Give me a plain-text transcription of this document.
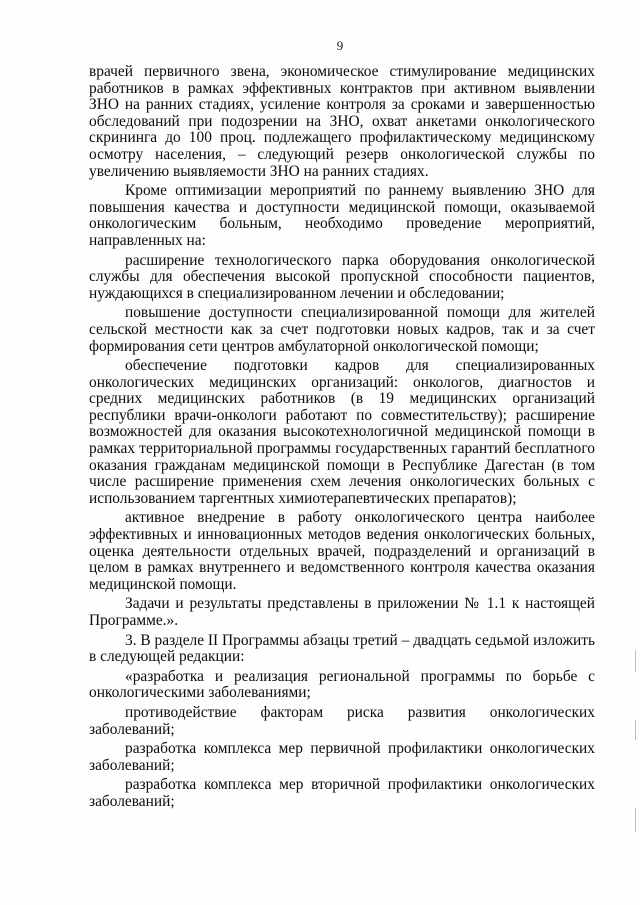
9

врачей первичного звена, экономическое стимулирование медицинских работников в рамках эффективных контрактов при активном выявлении ЗНО на ранних стадиях, усиление контроля за сроками и завершенностью обследований при подозрении на ЗНО, охват анкетами онкологического скрининга до 100 проц. подлежащего профилактическому медицинскому осмотру населения, – следующий резерв онкологической службы по увеличению выявляемости ЗНО на ранних стадиях.

Кроме оптимизации мероприятий по раннему выявлению ЗНО для повышения качества и доступности медицинской помощи, оказываемой онкологическим больным, необходимо проведение мероприятий, направленных на:

расширение технологического парка оборудования онкологической службы для обеспечения высокой пропускной способности пациентов, нуждающихся в специализированном лечении и обследовании;

повышение доступности специализированной помощи для жителей сельской местности как за счет подготовки новых кадров, так и за счет формирования сети центров амбулаторной онкологической помощи;

обеспечение подготовки кадров для специализированных онкологических медицинских организаций: онкологов, диагностов и средних медицинских работников (в 19 медицинских организаций республики врачи-онкологи работают по совместительству); расширение возможностей для оказания высокотехнологичной медицинской помощи в рамках территориальной программы государственных гарантий бесплатного оказания гражданам медицинской помощи в Республике Дагестан (в том числе расширение применения схем лечения онкологических больных с использованием таргентных химиотерапевтических препаратов);

активное внедрение в работу онкологического центра наиболее эффективных и инновационных методов ведения онкологических больных, оценка деятельности отдельных врачей, подразделений и организаций в целом в рамках внутреннего и ведомственного контроля качества оказания медицинской помощи.

Задачи и результаты представлены в приложении № 1.1 к настоящей Программе.».

3. В разделе II Программы абзацы третий – двадцать седьмой изложить в следующей редакции:

«разработка и реализация региональной программы по борьбе с онкологическими заболеваниями;

противодействие факторам риска развития онкологических заболеваний;

разработка комплекса мер первичной профилактики онкологических заболеваний;

разработка комплекса мер вторичной профилактики онкологических заболеваний;
